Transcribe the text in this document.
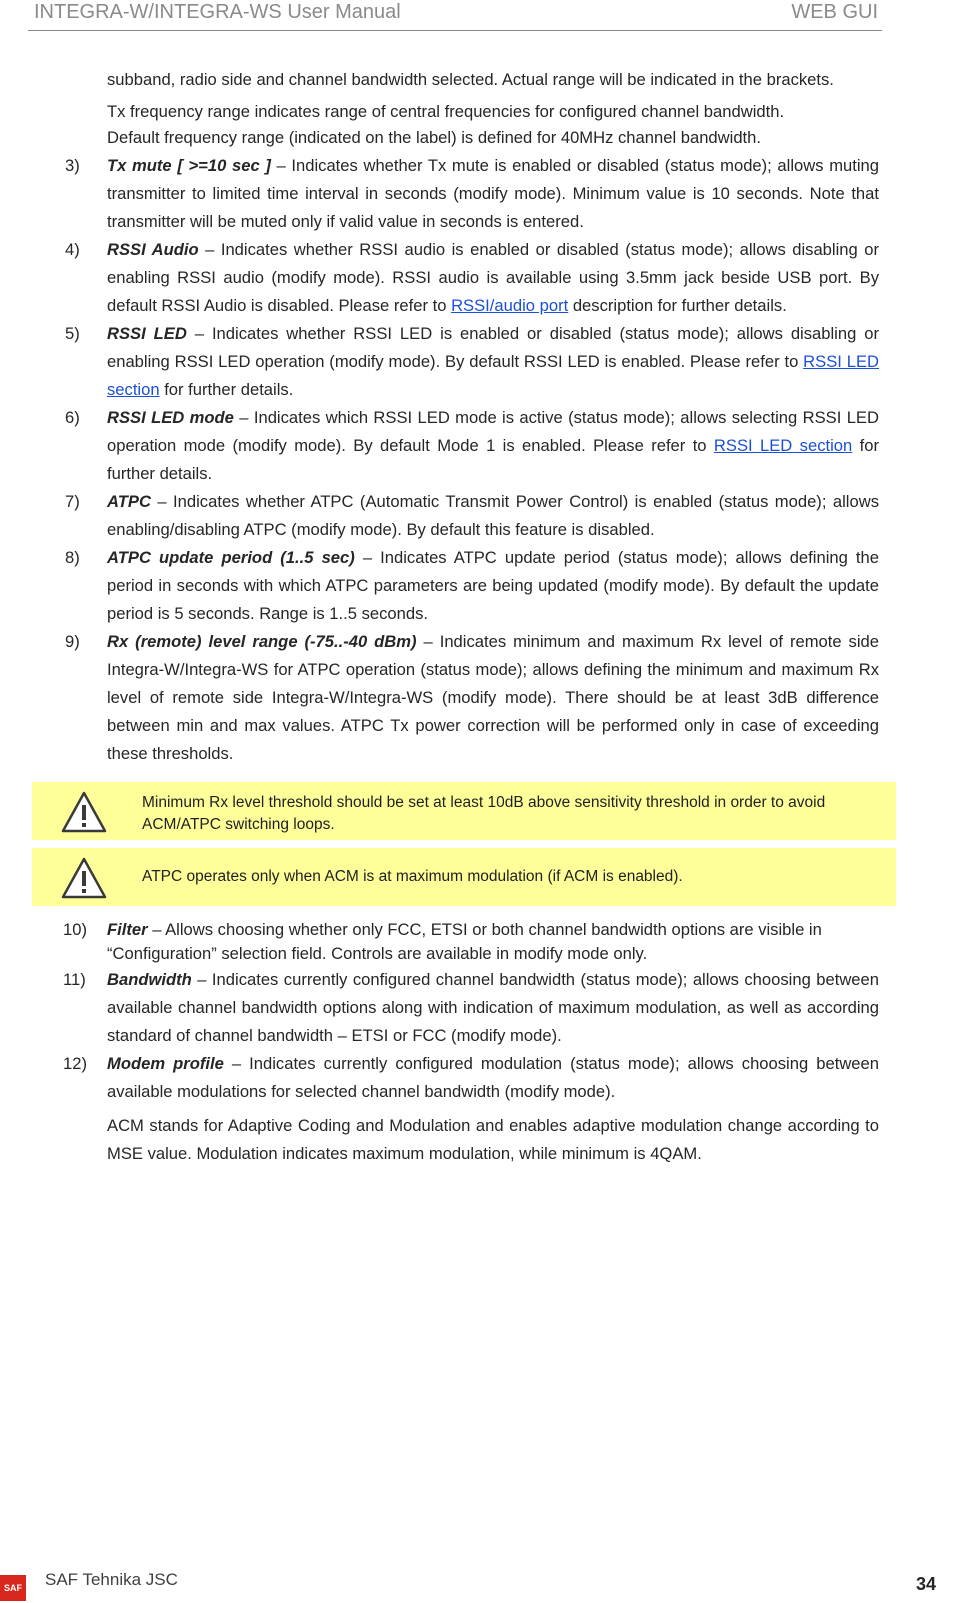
INTEGRA-W/INTEGRA-WS User Manual	WEB GUI
subband, radio side and channel bandwidth selected. Actual range will be indicated in the brackets.
Tx frequency range indicates range of central frequencies for configured channel bandwidth.
Default frequency range (indicated on the label) is defined for 40MHz channel bandwidth.
3) Tx mute [ >=10 sec ] – Indicates whether Tx mute is enabled or disabled (status mode); allows muting transmitter to limited time interval in seconds (modify mode). Minimum value is 10 seconds. Note that transmitter will be muted only if valid value in seconds is entered.
4) RSSI Audio – Indicates whether RSSI audio is enabled or disabled (status mode); allows disabling or enabling RSSI audio (modify mode). RSSI audio is available using 3.5mm jack beside USB port. By default RSSI Audio is disabled. Please refer to RSSI/audio port description for further details.
5) RSSI LED – Indicates whether RSSI LED is enabled or disabled (status mode); allows disabling or enabling RSSI LED operation (modify mode). By default RSSI LED is enabled. Please refer to RSSI LED section for further details.
6) RSSI LED mode – Indicates which RSSI LED mode is active (status mode); allows selecting RSSI LED operation mode (modify mode). By default Mode 1 is enabled. Please refer to RSSI LED section for further details.
7) ATPC – Indicates whether ATPC (Automatic Transmit Power Control) is enabled (status mode); allows enabling/disabling ATPC (modify mode). By default this feature is disabled.
8) ATPC update period (1..5 sec) – Indicates ATPC update period (status mode); allows defining the period in seconds with which ATPC parameters are being updated (modify mode). By default the update period is 5 seconds. Range is 1..5 seconds.
9) Rx (remote) level range (-75..-40 dBm) – Indicates minimum and maximum Rx level of remote side Integra-W/Integra-WS for ATPC operation (status mode); allows defining the minimum and maximum Rx level of remote side Integra-W/Integra-WS (modify mode). There should be at least 3dB difference between min and max values. ATPC Tx power correction will be performed only in case of exceeding these thresholds.
Minimum Rx level threshold should be set at least 10dB above sensitivity threshold in order to avoid ACM/ATPC switching loops.
ATPC operates only when ACM is at maximum modulation (if ACM is enabled).
10) Filter – Allows choosing whether only FCC, ETSI or both channel bandwidth options are visible in “Configuration” selection field. Controls are available in modify mode only.
11) Bandwidth – Indicates currently configured channel bandwidth (status mode); allows choosing between available channel bandwidth options along with indication of maximum modulation, as well as according standard of channel bandwidth – ETSI or FCC (modify mode).
12) Modem profile – Indicates currently configured modulation (status mode); allows choosing between available modulations for selected channel bandwidth (modify mode).
ACM stands for Adaptive Coding and Modulation and enables adaptive modulation change according to MSE value. Modulation indicates maximum modulation, while minimum is 4QAM.
SAF SAF Tehnika JSC	34
